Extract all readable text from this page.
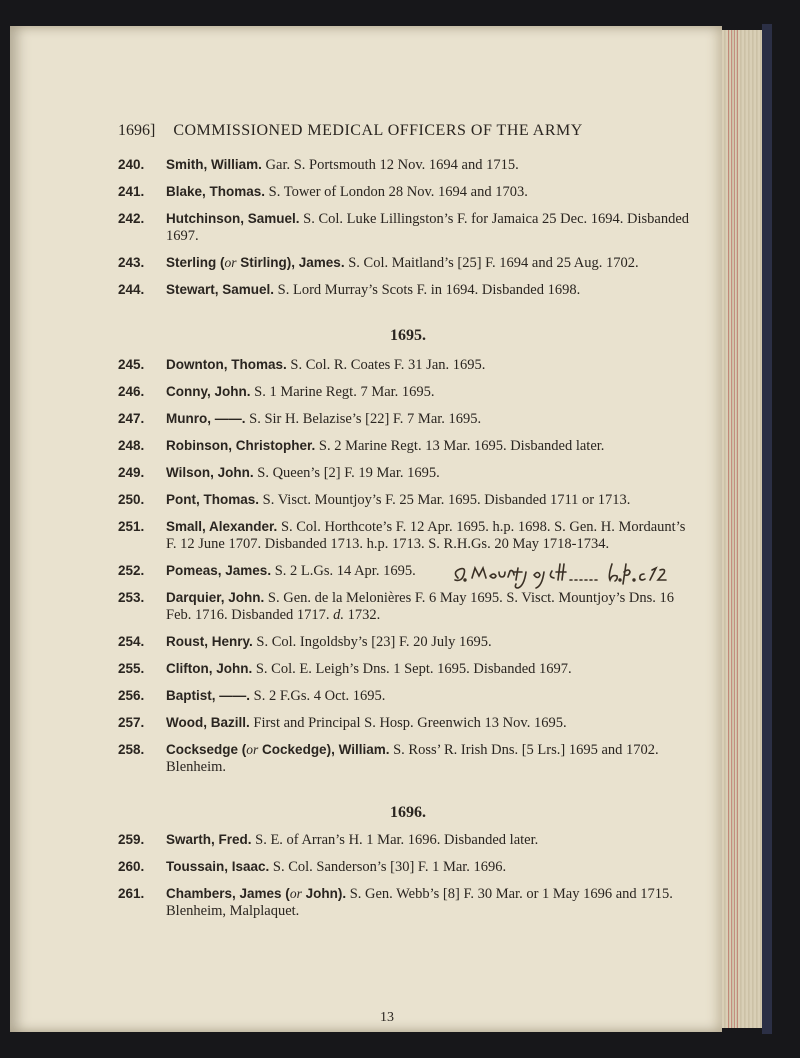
1696] COMMISSIONED MEDICAL OFFICERS OF THE ARMY
240. Smith, William. Gar. S. Portsmouth 12 Nov. 1694 and 1715.
241. Blake, Thomas. S. Tower of London 28 Nov. 1694 and 1703.
242. Hutchinson, Samuel. S. Col. Luke Lillingston’s F. for Jamaica 25 Dec. 1694. Disbanded 1697.
243. Sterling (or Stirling), James. S. Col. Maitland’s [25] F. 1694 and 25 Aug. 1702.
244. Stewart, Samuel. S. Lord Murray’s Scots F. in 1694. Disbanded 1698.
1695.
245. Downton, Thomas. S. Col. R. Coates F. 31 Jan. 1695.
246. Conny, John. S. 1 Marine Regt. 7 Mar. 1695.
247. Munro, ——. S. Sir H. Belazise’s [22] F. 7 Mar. 1695.
248. Robinson, Christopher. S. 2 Marine Regt. 13 Mar. 1695. Disbanded later.
249. Wilson, John. S. Queen’s [2] F. 19 Mar. 1695.
250. Pont, Thomas. S. Visct. Mountjoy’s F. 25 Mar. 1695. Disbanded 1711 or 1713.
251. Small, Alexander. S. Col. Horthcote’s F. 12 Apr. 1695. h.p. 1698. S. Gen. H. Mordaunt’s F. 12 June 1707. Disbanded 1713. h.p. 1713. S. R.H.Gs. 20 May 1718-1734.
252. Pomeas, James. S. 2 L.Gs. 14 Apr. 1695.
253. Darquier, John. S. Gen. de la Melonières F. 6 May 1695. S. Visct. Mountjoy’s Dns. 16 Feb. 1716. Disbanded 1717. d. 1732.
254. Roust, Henry. S. Col. Ingoldsby’s [23] F. 20 July 1695.
255. Clifton, John. S. Col. E. Leigh’s Dns. 1 Sept. 1695. Disbanded 1697.
256. Baptist, ——. S. 2 F.Gs. 4 Oct. 1695.
257. Wood, Bazill. First and Principal S. Hosp. Greenwich 13 Nov. 1695.
258. Cocksedge (or Cockedge), William. S. Ross’ R. Irish Dns. [5 Lrs.] 1695 and 1702. Blenheim.
1696.
259. Swarth, Fred. S. E. of Arran’s H. 1 Mar. 1696. Disbanded later.
260. Toussain, Isaac. S. Col. Sanderson’s [30] F. 1 Mar. 1696.
261. Chambers, James (or John). S. Gen. Webb’s [8] F. 30 Mar. or 1 May 1696 and 1715. Blenheim, Malplaquet.
13
